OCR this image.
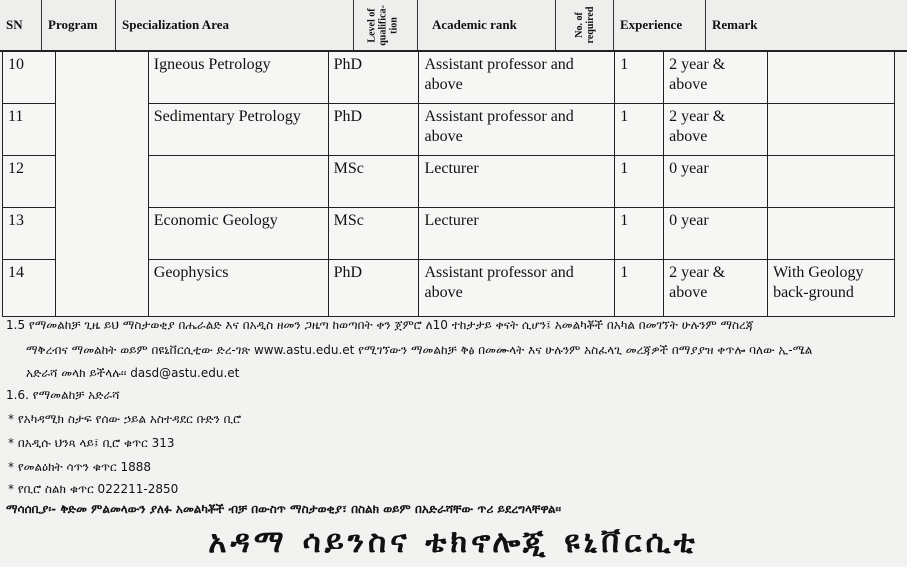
SN	Program	Specialization Area	Level of qualifica-tion	Academic rank	No. of required	Experience	Remark
10		Igneous Petrology	PhD	Assistant professor and above	1	2 year & above	
11		Sedimentary Petrology	PhD	Assistant professor and above	1	2 year & above	
12			MSc	Lecturer	1	0 year	
13		Economic Geology	MSc	Lecturer	1	0 year	
14		Geophysics	PhD	Assistant professor and above	1	2 year & above	With Geology back-ground
1.5 የማመልከቻ ጊዜ ይህ ማስታወቂያ በሔራልድ እና በአዲስ ዘመን ጋዜጣ ከወጣበት ቀን ጀምሮ ለ10 ተከታታይ ቀናት ሲሆን፤ አመልካቾች በአካል በመገኘት ሁሉንም ማስረጃ
ማቅረብና ማመልከት ወይም በዩኒቨርሲቲው ድረ-ገጽ www.astu.edu.et የሚገኘውን ማመልከቻ ቅፅ በመሙላት እና ሁሉንም አስፈላጊ መረጃዎች በማያያዝ ቀጥሎ ባለው ኢ-ሜል
አድራሻ መላክ ይችላሉ፡፡ dasd@astu.edu.et
1.6. የማመልከቻ አድራሻ
* የአካዳሚክ ስታፍ የሰው ኃይል አስተዳደር ቡድን ቢሮ
* በአዲሱ ህንጻ ላይ፤ ቢሮ ቁጥር 313
* የመልዕክት ሳጥን ቁጥር 1888
* የቢሮ ስልክ ቁጥር 022211-2850
ማሳሰቢያ፡- ቅድመ ምልመላውን ያለፉ አመልካቾች ብቻ በውስጥ ማስታወቂያ፣ በስልክ ወይም በአድራሻቸው ጥሪ ይደረግላቸዋል፡፡
አዳማ ሳይንስና ቴክኖሎጂ ዩኒቨርሲቲ
